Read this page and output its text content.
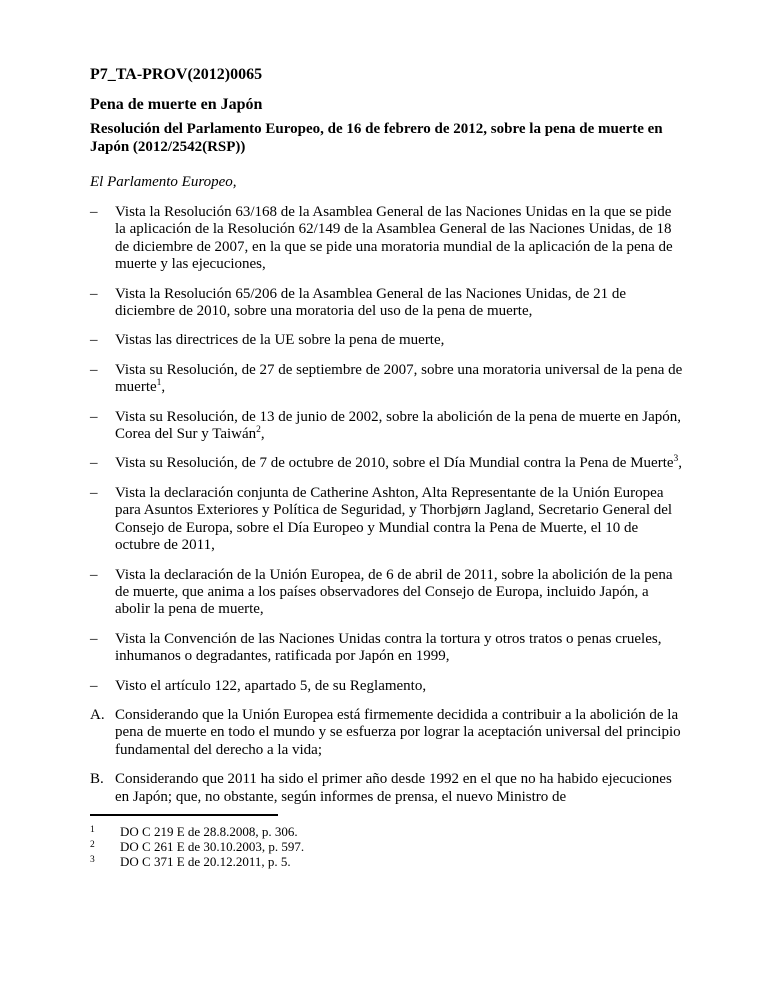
P7_TA-PROV(2012)0065
Pena de muerte en Japón

Resolución del Parlamento Europeo, de 16 de febrero de 2012, sobre la pena de muerte en Japón (2012/2542(RSP))

El Parlamento Europeo,

– Vista la Resolución 63/168 de la Asamblea General de las Naciones Unidas en la que se pide la aplicación de la Resolución 62/149 de la Asamblea General de las Naciones Unidas, de 18 de diciembre de 2007, en la que se pide una moratoria mundial de la aplicación de la pena de muerte y las ejecuciones,
– Vista la Resolución 65/206 de la Asamblea General de las Naciones Unidas, de 21 de diciembre de 2010, sobre una moratoria del uso de la pena de muerte,
– Vistas las directrices de la UE sobre la pena de muerte,
– Vista su Resolución, de 27 de septiembre de 2007, sobre una moratoria universal de la pena de muerte$^1$,
– Vista su Resolución, de 13 de junio de 2002, sobre la abolición de la pena de muerte en Japón, Corea del Sur y Taiwán$^2$,
– Vista su Resolución, de 7 de octubre de 2010, sobre el Día Mundial contra la Pena de Muerte$^3$,
– Vista la declaración conjunta de Catherine Ashton, Alta Representante de la Unión Europea para Asuntos Exteriores y Política de Seguridad, y Thorbjørn Jagland, Secretario General del Consejo de Europa, sobre el Día Europeo y Mundial contra la Pena de Muerte, el 10 de octubre de 2011,
– Vista la declaración de la Unión Europea, de 6 de abril de 2011, sobre la abolición de la pena de muerte, que anima a los países observadores del Consejo de Europa, incluido Japón, a abolir la pena de muerte,
– Vista la Convención de las Naciones Unidas contra la tortura y otros tratos o penas crueles, inhumanos o degradantes, ratificada por Japón en 1999,
– Visto el artículo 122, apartado 5, de su Reglamento,
A. Considerando que la Unión Europea está firmemente decidida a contribuir a la abolición de la pena de muerte en todo el mundo y se esfuerza por lograr la aceptación universal del principio fundamental del derecho a la vida;
B. Considerando que 2011 ha sido el primer año desde 1992 en el que no ha habido ejecuciones en Japón; que, no obstante, según informes de prensa, el nuevo Ministro de
1 DO C 219 E de 28.8.2008, p. 306.
2 DO C 261 E de 30.10.2003, p. 597.
3 DO C 371 E de 20.12.2011, p. 5.
